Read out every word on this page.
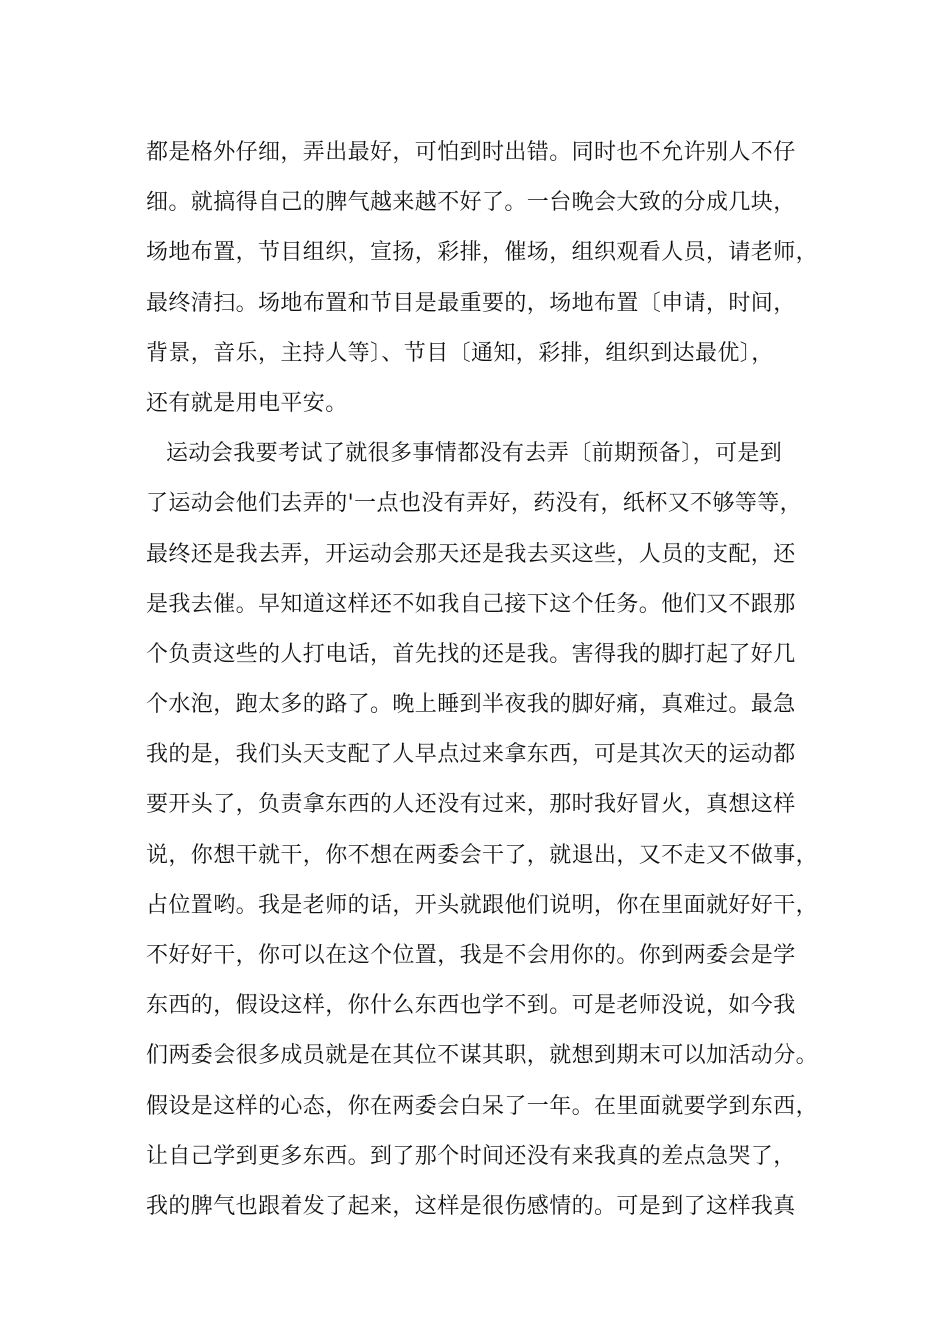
都是格外仔细，弄出最好，可怕到时出错。同时也不允许别人不仔
细。就搞得自己的脾气越来越不好了。一台晚会大致的分成几块，
场地布置，节目组织，宣扬，彩排，催场，组织观看人员，请老师，
最终清扫。场地布置和节目是最重要的，场地布置〔申请，时间，
背景，音乐，主持人等〕、节目〔通知，彩排，组织到达最优〕，
还有就是用电平安。
运动会我要考试了就很多事情都没有去弄〔前期预备〕，可是到
了运动会他们去弄的'一点也没有弄好，药没有，纸杯又不够等等，
最终还是我去弄，开运动会那天还是我去买这些，人员的支配，还
是我去催。早知道这样还不如我自己接下这个任务。他们又不跟那
个负责这些的人打电话，首先找的还是我。害得我的脚打起了好几
个水泡，跑太多的路了。晚上睡到半夜我的脚好痛，真难过。最急
我的是，我们头天支配了人早点过来拿东西，可是其次天的运动都
要开头了，负责拿东西的人还没有过来，那时我好冒火，真想这样
说，你想干就干，你不想在两委会干了，就退出，又不走又不做事，
占位置哟。我是老师的话，开头就跟他们说明，你在里面就好好干，
不好好干，你可以在这个位置，我是不会用你的。你到两委会是学
东西的，假设这样，你什么东西也学不到。可是老师没说，如今我
们两委会很多成员就是在其位不谋其职，就想到期末可以加活动分。
假设是这样的心态，你在两委会白呆了一年。在里面就要学到东西，
让自己学到更多东西。到了那个时间还没有来我真的差点急哭了，
我的脾气也跟着发了起来，这样是很伤感情的。可是到了这样我真
